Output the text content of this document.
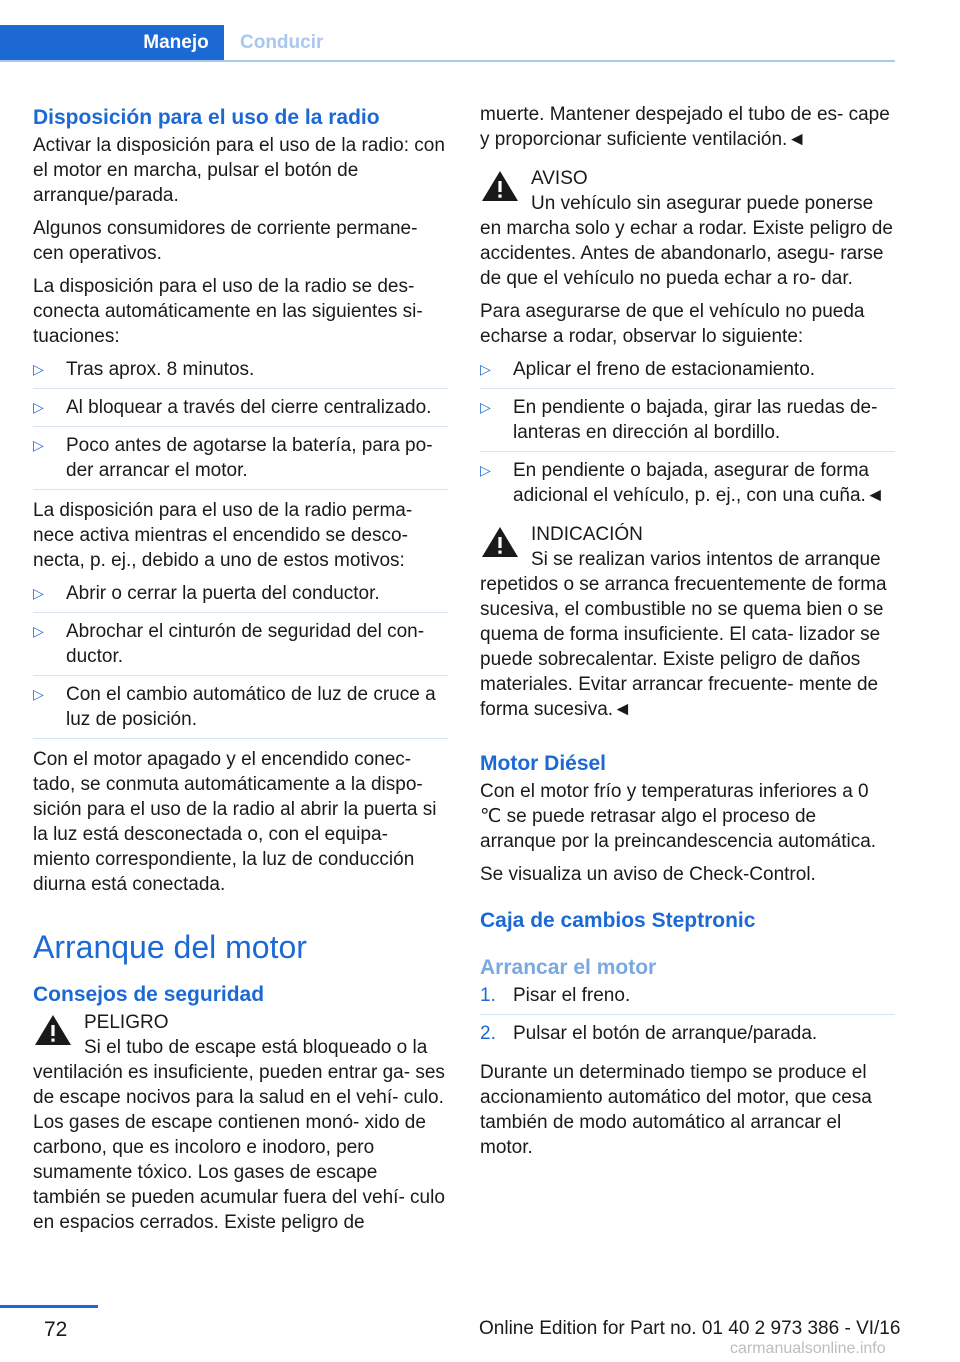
Manejo	Conducir
Disposición para el uso de la radio

Activar la disposición para el uso de la radio: con el motor en marcha, pulsar el botón de arranque/parada.

Algunos consumidores de corriente permane‐ cen operativos.

La disposición para el uso de la radio se des‐ conecta automáticamente en las siguientes si‐ tuaciones:

▷ Tras aprox. 8 minutos.
▷ Al bloquear a través del cierre centralizado.
▷ Poco antes de agotarse la batería, para po‐ der arrancar el motor.

La disposición para el uso de la radio perma‐ nece activa mientras el encendido se desco‐ necta, p. ej., debido a uno de estos motivos:

▷ Abrir o cerrar la puerta del conductor.
▷ Abrochar el cinturón de seguridad del con‐ ductor.
▷ Con el cambio automático de luz de cruce a luz de posición.

Con el motor apagado y el encendido conec‐ tado, se conmuta automáticamente a la dispo‐ sición para el uso de la radio al abrir la puerta si la luz está desconectada o, con el equipa‐ miento correspondiente, la luz de conducción diurna está conectada.

Arranque del motor
Consejos de seguridad
PELIGRO
Si el tubo de escape está bloqueado o la
ventilación es insuficiente, pueden entrar ga‐ ses de escape nocivos para la salud en el vehí‐ culo. Los gases de escape contienen monó‐ xido de carbono, que es incoloro e inodoro, pero sumamente tóxico. Los gases de escape también se pueden acumular fuera del vehí‐ culo en espacios cerrados. Existe peligro de

muerte. Mantener despejado el tubo de es‐ cape y proporcionar suficiente ventilación.◄

AVISO
Un vehículo sin asegurar puede ponerse
en marcha solo y echar a rodar. Existe peligro de accidentes. Antes de abandonarlo, asegu‐ rarse de que el vehículo no pueda echar a ro‐ dar.

Para asegurarse de que el vehículo no pueda echarse a rodar, observar lo siguiente:

▷ Aplicar el freno de estacionamiento.
▷ En pendiente o bajada, girar las ruedas de‐ lanteras en dirección al bordillo.
▷ En pendiente o bajada, asegurar de forma adicional el vehículo, p. ej., con una cuña.◄
INDICACIÓN
Si se realizan varios intentos de arranque
repetidos o se arranca frecuentemente de forma sucesiva, el combustible no se quema bien o se quema de forma insuficiente. El cata‐ lizador se puede sobrecalentar. Existe peligro de daños materiales. Evitar arrancar frecuente‐ mente de forma sucesiva.◄
Motor Diésel

Con el motor frío y temperaturas inferiores a 0 ℃ se puede retrasar algo el proceso de arranque por la preincandescencia automática.

Se visualiza un aviso de Check-Control.

Caja de cambios Steptronic
Arrancar el motor
1. Pisar el freno.
2. Pulsar el botón de arranque/parada.

Durante un determinado tiempo se produce el accionamiento automático del motor, que cesa también de modo automático al arrancar el motor.

72	Online Edition for Part no. 01 40 2 973 386 - VI/16
carmanualsonline.info
